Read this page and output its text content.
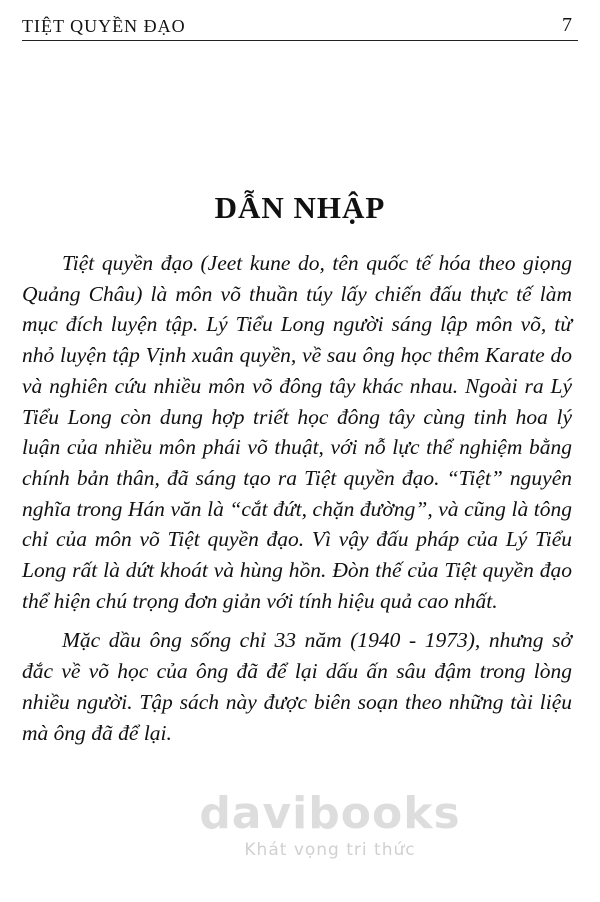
TIỆT QUYỀN ĐẠO	7
DẪN NHẬP

Tiệt quyền đạo (Jeet kune do, tên quốc tế hóa theo giọng Quảng Châu) là môn võ thuần túy lấy chiến đấu thực tế làm mục đích luyện tập. Lý Tiểu Long người sáng lập môn võ, từ nhỏ luyện tập Vịnh xuân quyền, về sau ông học thêm Karate do và nghiên cứu nhiều môn võ đông tây khác nhau. Ngoài ra Lý Tiểu Long còn dung hợp triết học đông tây cùng tinh hoa lý luận của nhiều môn phái võ thuật, với nỗ lực thể nghiệm bằng chính bản thân, đã sáng tạo ra Tiệt quyền đạo. “Tiệt” nguyên nghĩa trong Hán văn là “cắt đứt, chặn đường”, và cũng là tông chỉ của môn võ Tiệt quyền đạo. Vì vậy đấu pháp của Lý Tiểu Long rất là dứt khoát và hùng hồn. Đòn thế của Tiệt quyền đạo thể hiện chú trọng đơn giản với tính hiệu quả cao nhất.

Mặc dầu ông sống chỉ 33 năm (1940 - 1973), nhưng sở đắc về võ học của ông đã để lại dấu ấn sâu đậm trong lòng nhiều người. Tập sách này được biên soạn theo những tài liệu mà ông đã để lại.

davibooks
Khát vọng tri thức
